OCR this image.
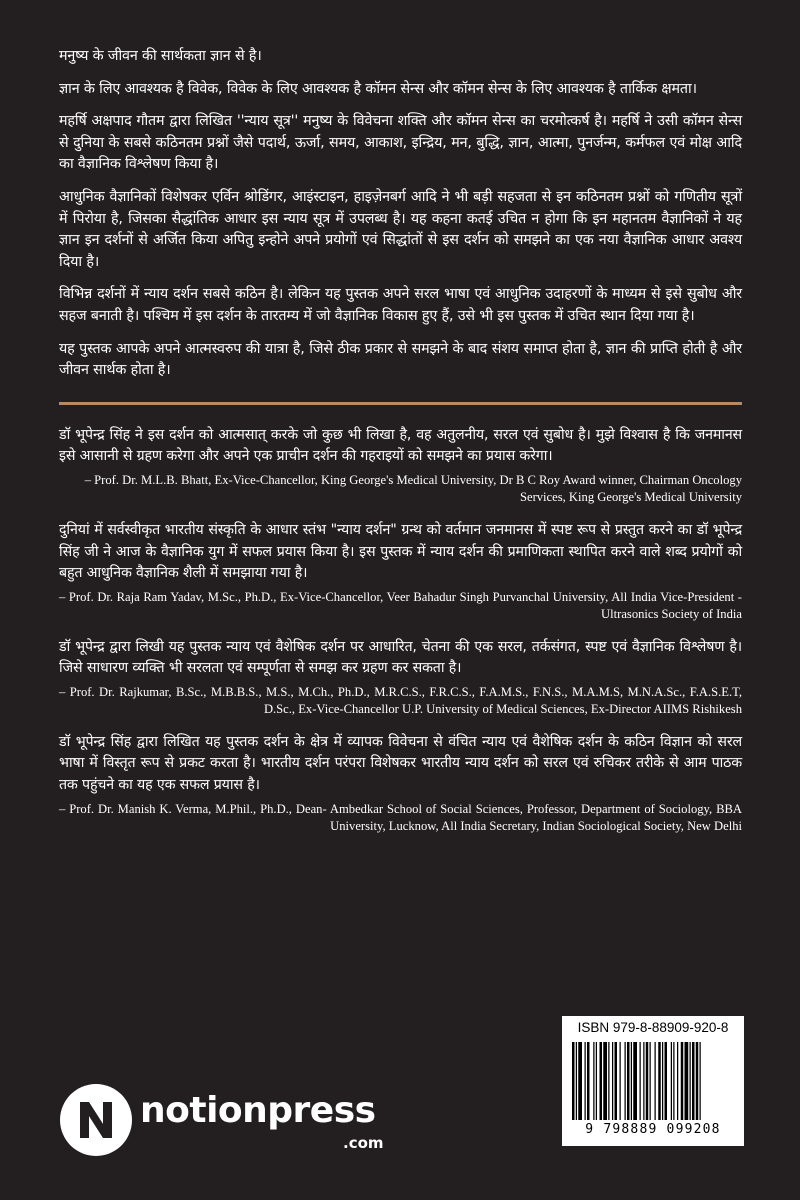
मनुष्य के जीवन की सार्थकता ज्ञान से है।

ज्ञान के लिए आवश्यक है विवेक, विवेक के लिए आवश्यक है कॉमन सेन्स और कॉमन सेन्स के लिए आवश्यक है तार्किक क्षमता।

महर्षि अक्षपाद गौतम द्वारा लिखित ''न्याय सूत्र'' मनुष्य के विवेचना शक्ति और कॉमन सेन्स का चरमोत्कर्ष है। महर्षि ने उसी कॉमन सेन्स से दुनिया के सबसे कठिनतम प्रश्नों जैसे पदार्थ, ऊर्जा, समय, आकाश, इन्द्रिय, मन, बुद्धि, ज्ञान, आत्मा, पुनर्जन्म, कर्मफल एवं मोक्ष आदि का वैज्ञानिक विश्लेषण किया है।

आधुनिक वैज्ञानिकों विशेषकर एर्विन श्रोडिंगर, आइंस्टाइन, हाइज़ेनबर्ग आदि ने भी बड़ी सहजता से इन कठिनतम प्रश्नों को गणितीय सूत्रों में पिरोया है, जिसका सैद्धांतिक आधार इस न्याय सूत्र में उपलब्ध है। यह कहना कतई उचित न होगा कि इन महानतम वैज्ञानिकों ने यह ज्ञान इन दर्शनों से अर्जित किया अपितु इन्होने अपने प्रयोगों एवं सिद्धांतों से इस दर्शन को समझने का एक नया वैज्ञानिक आधार अवश्य दिया है।

विभिन्न दर्शनों में न्याय दर्शन सबसे कठिन है। लेकिन यह पुस्तक अपने सरल भाषा एवं आधुनिक उदाहरणों के माध्यम से इसे सुबोध और सहज बनाती है। पश्चिम में इस दर्शन के तारतम्य में जो वैज्ञानिक विकास हुए हैं, उसे भी इस पुस्तक में उचित स्थान दिया गया है।

यह पुस्तक आपके अपने आत्मस्वरुप की यात्रा है, जिसे ठीक प्रकार से समझने के बाद संशय समाप्त होता है, ज्ञान की प्राप्ति होती है और जीवन सार्थक होता है।

डॉ भूपेन्द्र सिंह ने इस दर्शन को आत्मसात् करके जो कुछ भी लिखा है, वह अतुलनीय, सरल एवं सुबोध है। मुझे विश्वास है कि जनमानस इसे आसानी से ग्रहण करेगा और अपने एक प्राचीन दर्शन की गहराइयों को समझने का प्रयास करेगा।

– Prof. Dr. M.L.B. Bhatt, Ex-Vice-Chancellor, King George's Medical University, Dr B C Roy Award winner, Chairman Oncology Services, King George's Medical University

दुनियां में सर्वस्वीकृत भारतीय संस्कृति के आधार स्तंभ "न्याय दर्शन" ग्रन्थ को वर्तमान जनमानस में स्पष्ट रूप से प्रस्तुत करने का डॉ भूपेन्द्र सिंह जी ने आज के वैज्ञानिक युग में सफल प्रयास किया है। इस पुस्तक में न्याय दर्शन की प्रमाणिकता स्थापित करने वाले शब्द प्रयोगों को बहुत आधुनिक वैज्ञानिक शैली में समझाया गया है।

– Prof. Dr. Raja Ram Yadav, M.Sc., Ph.D., Ex-Vice-Chancellor, Veer Bahadur Singh Purvanchal University, All India Vice-President - Ultrasonics Society of India

डॉ भूपेन्द्र द्वारा लिखी यह पुस्तक न्याय एवं वैशेषिक दर्शन पर आधारित, चेतना की एक सरल, तर्कसंगत, स्पष्ट एवं वैज्ञानिक विश्लेषण है। जिसे साधारण व्यक्ति भी सरलता एवं सम्पूर्णता से समझ कर ग्रहण कर सकता है।

– Prof. Dr. Rajkumar, B.Sc., M.B.B.S., M.S., M.Ch., Ph.D., M.R.C.S., F.R.C.S., F.A.M.S., F.N.S., M.A.M.S, M.N.A.Sc., F.A.S.E.T, D.Sc., Ex-Vice-Chancellor U.P. University of Medical Sciences, Ex-Director AIIMS Rishikesh

डॉ भूपेन्द्र सिंह द्वारा लिखित यह पुस्तक दर्शन के क्षेत्र में व्यापक विवेचना से वंचित न्याय एवं वैशेषिक दर्शन के कठिन विज्ञान को सरल भाषा में विस्तृत रूप से प्रकट करता है। भारतीय दर्शन परंपरा विशेषकर भारतीय न्याय दर्शन को सरल एवं रुचिकर तरीके से आम पाठक तक पहुंचने का यह एक सफल प्रयास है।

– Prof. Dr. Manish K. Verma, M.Phil., Ph.D., Dean- Ambedkar School of Social Sciences, Professor, Department of Sociology, BBA University, Lucknow, All India Secretary, Indian Sociological Society, New Delhi

notionpress
.com
ISBN 979-8-88909-920-8
9 798889 099208
